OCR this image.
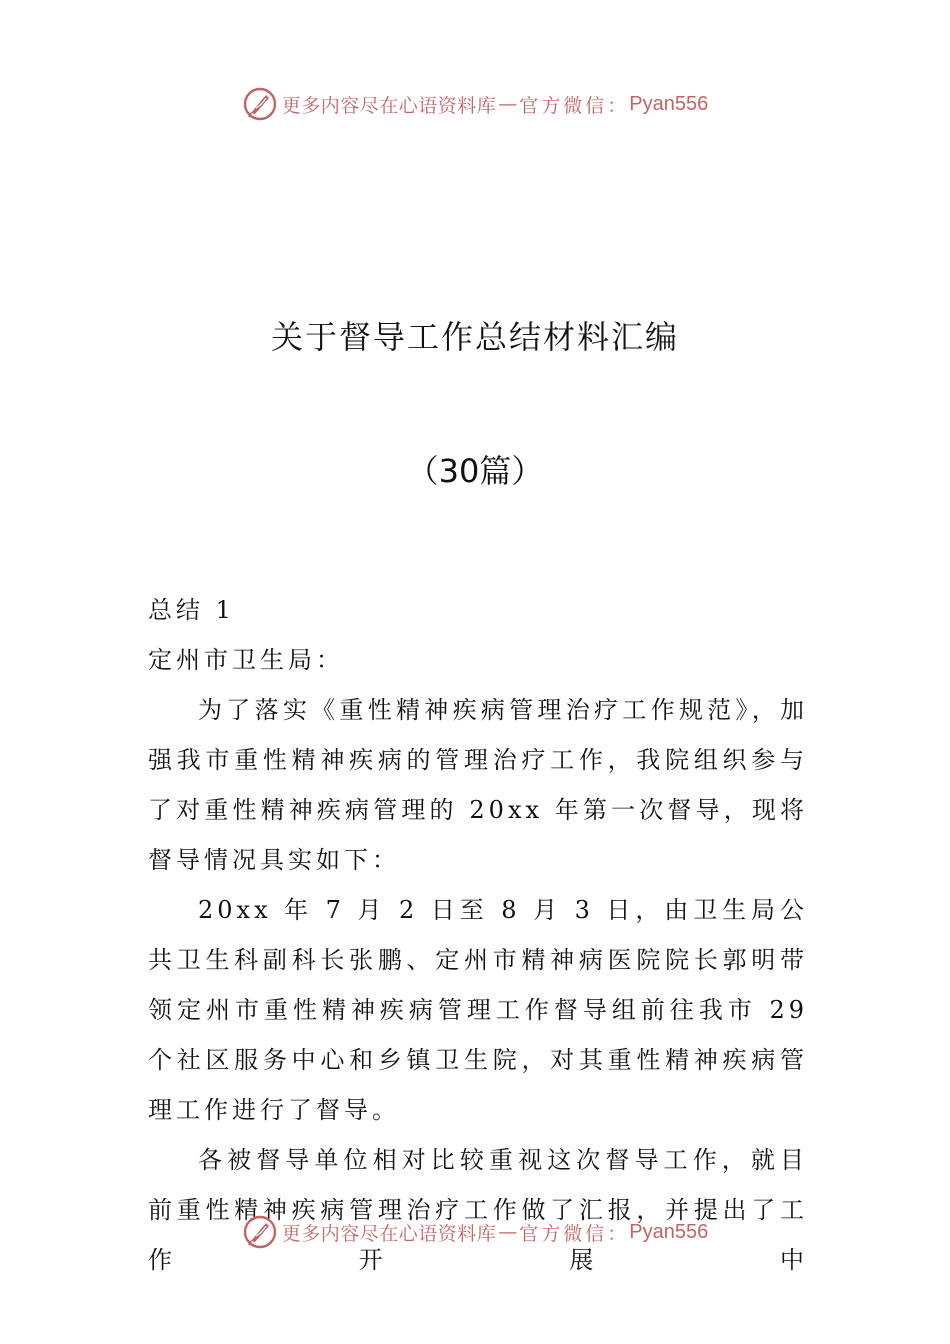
更多内容尽在心语资料库 — 官方微信： Pyan556
关于督导工作总结材料汇编
（30篇）

总结 1

定州市卫生局：

为了落实《重性精神疾病管理治疗工作规范》，加强我市重性精神疾病的管理治疗工作，我院组织参与了对重性精神疾病管理的 20xx 年第一次督导，现将督导情况具实如下：

20xx 年 7 月 2 日至 8 月 3 日，由卫生局公共卫生科副科长张鹏、定州市精神病医院院长郭明带领定州市重性精神疾病管理工作督导组前往我市 29 个社区服务中心和乡镇卫生院，对其重性精神疾病管理工作进行了督导。

各被督导单位相对比较重视这次督导工作，就目前重性精神疾病管理治疗工作做了汇报，并提出了工作开展中

更多内容尽在心语资料库 — 官方微信： Pyan556
